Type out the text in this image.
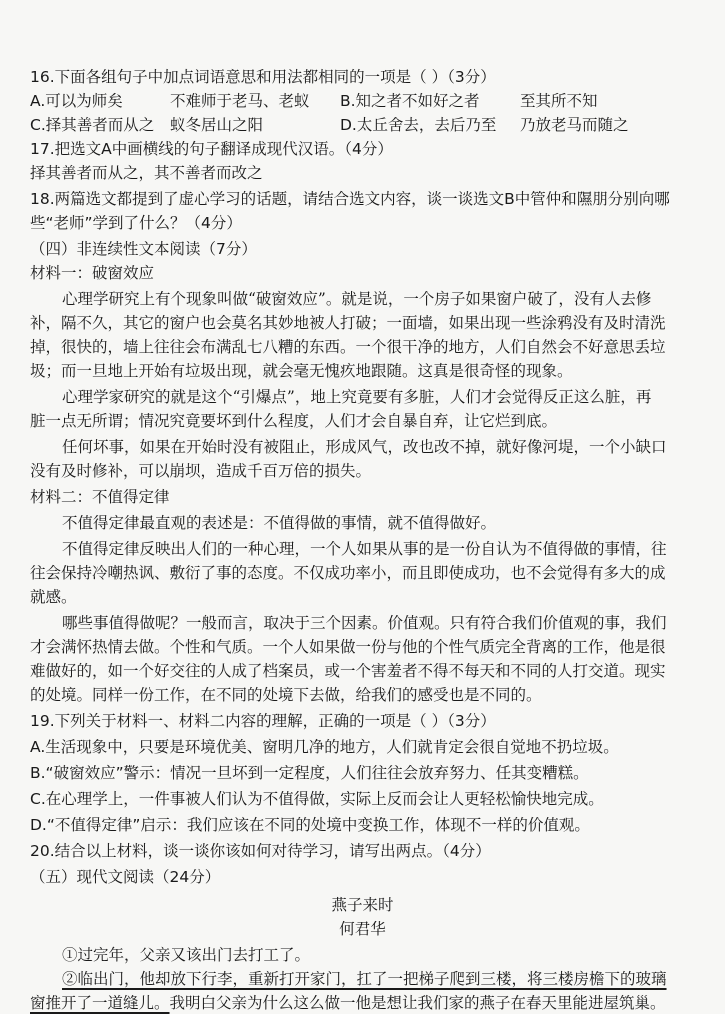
16.下面各组句子中加点词语意思和用法都相同的一项是（ ）（3分）
A.可以为师矣	不难师于老马、老蚁 B.知之者不如好之者	至其所不知
C.择其善者而从之 蚁冬居山之阳	D.太丘舍去，去后乃至 乃放老马而随之
17.把选文A中画横线的句子翻译成现代汉语。（4分）
择其善者而从之，其不善者而改之
18.两篇选文都提到了虚心学习的话题，请结合选文内容，谈一谈选文B中管仲和隰朋分别向哪
些“老师”学到了什么？（4分）
（四）非连续性文本阅读（7分）
材料一：破窗效应
心理学研究上有个现象叫做“破窗效应”。就是说，一个房子如果窗户破了，没有人去修
补，隔不久，其它的窗户也会莫名其妙地被人打破；一面墙，如果出现一些涂鸦没有及时清洗
掉，很快的，墙上往往会布满乱七八糟的东西。一个很干净的地方，人们自然会不好意思丢垃
圾；而一旦地上开始有垃圾出现，就会毫无愧疚地跟随。这真是很奇怪的现象。
心理学家研究的就是这个“引爆点”，地上究竟要有多脏，人们才会觉得反正这么脏，再
脏一点无所谓；情况究竟要坏到什么程度，人们才会自暴自弃，让它烂到底。
任何坏事，如果在开始时没有被阻止，形成风气，改也改不掉，就好像河堤，一个小缺口
没有及时修补，可以崩坝，造成千百万倍的损失。
材料二：不值得定律
不值得定律最直观的表述是：不值得做的事情，就不值得做好。
不值得定律反映出人们的一种心理，一个人如果从事的是一份自认为不值得做的事情，往
往会保持冷嘲热讽、敷衍了事的态度。不仅成功率小，而且即使成功，也不会觉得有多大的成
就感。
哪些事值得做呢？一般而言，取决于三个因素。价值观。只有符合我们价值观的事，我们
才会满怀热情去做。个性和气质。一个人如果做一份与他的个性气质完全背离的工作，他是很
难做好的，如一个好交往的人成了档案员，或一个害羞者不得不每天和不同的人打交道。现实
的处境。同样一份工作，在不同的处境下去做，给我们的感受也是不同的。
19.下列关于材料一、材料二内容的理解，正确的一项是（ ）（3分）
A.生活现象中，只要是环境优美、窗明几净的地方，人们就肯定会很自觉地不扔垃圾。
B.“破窗效应”警示：情况一旦坏到一定程度，人们往往会放弃努力、任其变糟糕。
C.在心理学上，一件事被人们认为不值得做，实际上反而会让人更轻松愉快地完成。
D.“不值得定律”启示：我们应该在不同的处境中变换工作，体现不一样的价值观。
20.结合以上材料，谈一谈你该如何对待学习，请写出两点。（4分）
（五）现代文阅读（24分）
燕子来时
何君华
①过完年，父亲又该出门去打工了。
②临出门，他却放下行李，重新打开家门，扛了一把梯子爬到三楼，将三楼房檐下的玻璃
窗推开了一道缝儿。我明白父亲为什么这么做一他是想让我们家的燕子在春天里能进屋筑巢。
